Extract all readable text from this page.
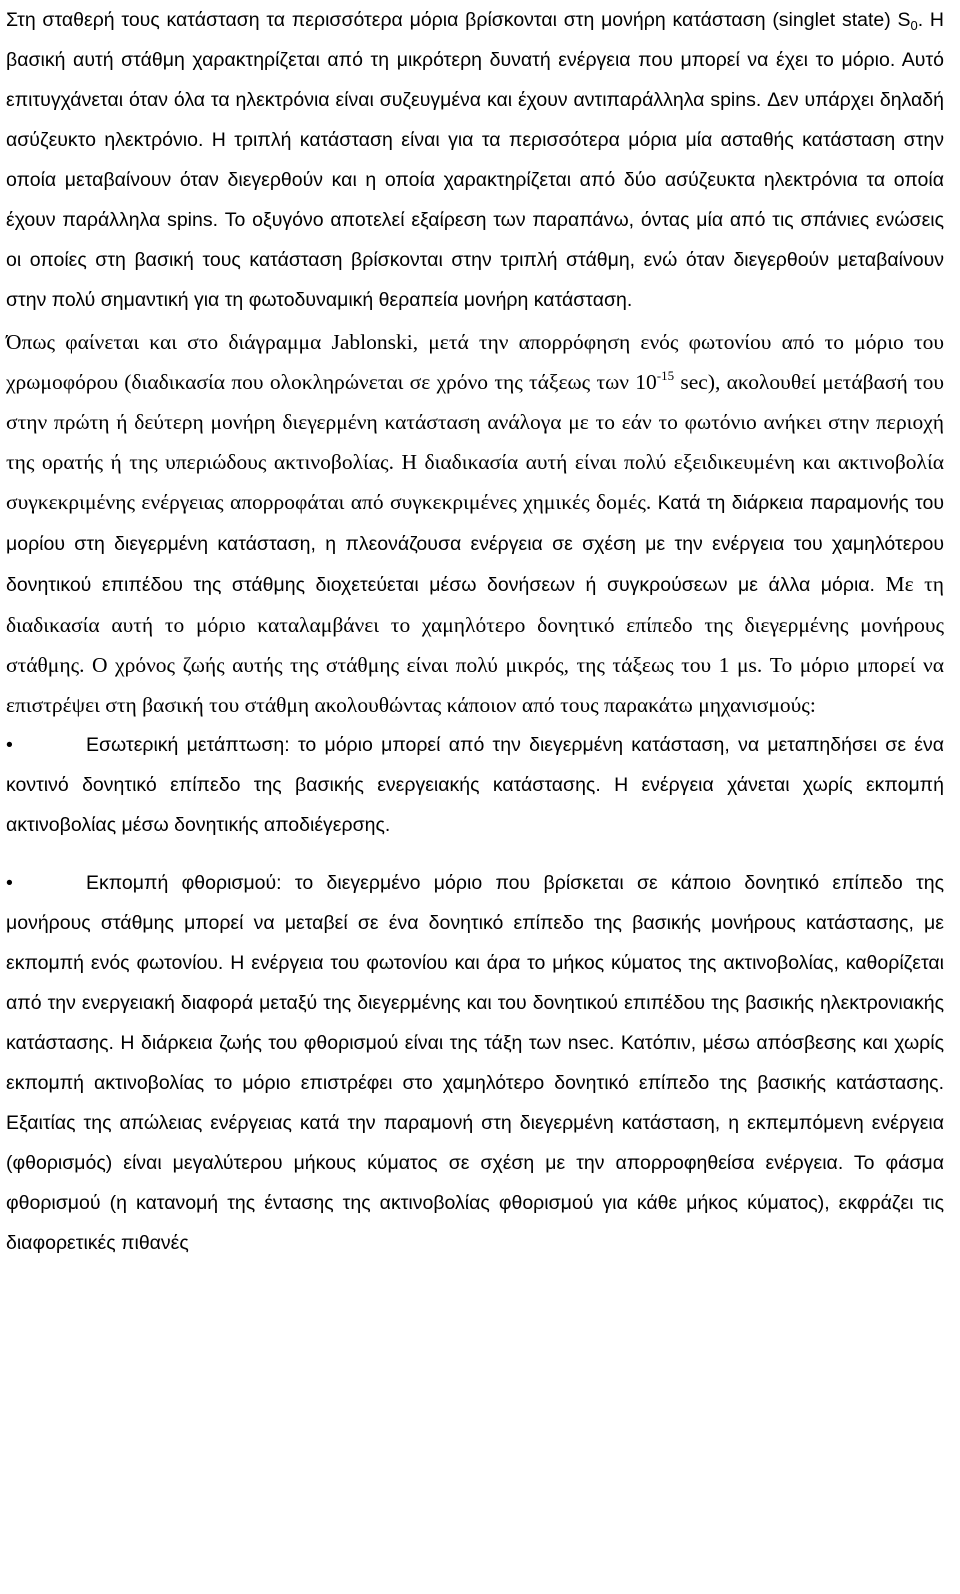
Στη σταθερή τους κατάσταση τα περισσότερα μόρια βρίσκονται στη μονήρη κατάσταση (singlet state) $S_0$. Η βασική αυτή στάθμη χαρακτηρίζεται από τη μικρότερη δυνατή ενέργεια που μπορεί να έχει το μόριο. Αυτό επιτυγχάνεται όταν όλα τα ηλεκτρόνια είναι συζευγμένα και έχουν αντιπαράλληλα spins. Δεν υπάρχει δηλαδή ασύζευκτο ηλεκτρόνιο. Η τριπλή κατάσταση είναι για τα περισσότερα μόρια μία ασταθής κατάσταση στην οποία μεταβαίνουν όταν διεγερθούν και η οποία χαρακτηρίζεται από δύο ασύζευκτα ηλεκτρόνια τα οποία έχουν παράλληλα spins. Το οξυγόνο αποτελεί εξαίρεση των παραπάνω, όντας μία από τις σπάνιες ενώσεις οι οποίες στη βασική τους κατάσταση βρίσκονται στην τριπλή στάθμη, ενώ όταν διεγερθούν μεταβαίνουν στην πολύ σημαντική για τη φωτοδυναμική θεραπεία μονήρη κατάσταση.

Όπως φαίνεται και στο διάγραμμα Jablonski, μετά την απορρόφηση ενός φωτονίου από το μόριο του χρωμοφόρου (διαδικασία που ολοκληρώνεται σε χρόνο της τάξεως των $10^{-15}$ sec), ακολουθεί μετάβασή του στην πρώτη ή δεύτερη μονήρη διεγερμένη κατάσταση ανάλογα με το εάν το φωτόνιο ανήκει στην περιοχή της ορατής ή της υπεριώδους ακτινοβολίας. Η διαδικασία αυτή είναι πολύ εξειδικευμένη και ακτινοβολία συγκεκριμένης ενέργειας απορροφάται από συγκεκριμένες χημικές δομές. Κατά τη διάρκεια παραμονής του μορίου στη διεγερμένη κατάσταση, η πλεονάζουσα ενέργεια σε σχέση με την ενέργεια του χαμηλότερου δονητικού επιπέδου της στάθμης διοχετεύεται μέσω δονήσεων ή συγκρούσεων με άλλα μόρια. Με τη διαδικασία αυτή το μόριο καταλαμβάνει το χαμηλότερο δονητικό επίπεδο της διεγερμένης μονήρους στάθμης. Ο χρόνος ζωής αυτής της στάθμης είναι πολύ μικρός, της τάξεως του 1 μs. Το μόριο μπορεί να επιστρέψει στη βασική του στάθμη ακολουθώντας κάποιον από τους παρακάτω μηχανισμούς:

•	Εσωτερική μετάπτωση: το μόριο μπορεί από την διεγερμένη κατάσταση, να μεταπηδήσει σε ένα κοντινό δονητικό επίπεδο της βασικής ενεργειακής κατάστασης. Η ενέργεια χάνεται χωρίς εκπομπή ακτινοβολίας μέσω δονητικής αποδιέγερσης.

•	Εκπομπή φθορισμού: το διεγερμένο μόριο που βρίσκεται σε κάποιο δονητικό επίπεδο της μονήρους στάθμης μπορεί να μεταβεί σε ένα δονητικό επίπεδο της βασικής μονήρους κατάστασης, με εκπομπή ενός φωτονίου. Η ενέργεια του φωτονίου και άρα το μήκος κύματος της ακτινοβολίας, καθορίζεται από την ενεργειακή διαφορά μεταξύ της διεγερμένης και του δονητικού επιπέδου της βασικής ηλεκτρονιακής κατάστασης. Η διάρκεια ζωής του φθορισμού είναι της τάξη των nsec. Κατόπιν, μέσω απόσβεσης και χωρίς εκπομπή ακτινοβολίας το μόριο επιστρέφει στο χαμηλότερο δονητικό επίπεδο της βασικής κατάστασης. Εξαιτίας της απώλειας ενέργειας κατά την παραμονή στη διεγερμένη κατάσταση, η εκπεμπόμενη ενέργεια (φθορισμός) είναι μεγαλύτερου μήκους κύματος σε σχέση με την απορροφηθείσα ενέργεια. Το φάσμα φθορισμού (η κατανομή της έντασης της ακτινοβολίας φθορισμού για κάθε μήκος κύματος), εκφράζει τις διαφορετικές πιθανές
